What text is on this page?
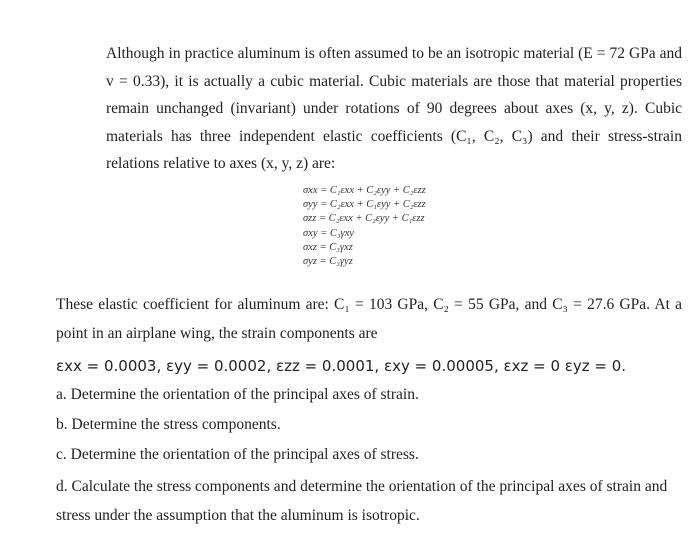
Although in practice aluminum is often assumed to be an isotropic material (E = 72 GPa and v = 0.33), it is actually a cubic material. Cubic materials are those that material properties remain unchanged (invariant) under rotations of 90 degrees about axes (x, y, z). Cubic materials has three independent elastic coefficients (C₁, C₂, C₃) and their stress-strain relations relative to axes (x, y, z) are:

σxx = C₁εxx + C₂εyy + C₂εzz
σyy = C₂εxx + C₁εyy + C₂εzz
σzz = C₂εxx + C₂εyy + C₁εzz
σxy = C₃γxy
σxz = C₃γxz
σyz = C₃γyz

These elastic coefficient for aluminum are: C₁ = 103 GPa, C₂ = 55 GPa, and C₃ = 27.6 GPa. At a point in an airplane wing, the strain components are

εxx = 0.0003, εyy = 0.0002, εzz = 0.0001, εxy = 0.00005, εxz = 0 εyz = 0.
a. Determine the orientation of the principal axes of strain.
b. Determine the stress components.
c. Determine the orientation of the principal axes of stress.
d. Calculate the stress components and determine the orientation of the principal axes of strain and stress under the assumption that the aluminum is isotropic.
